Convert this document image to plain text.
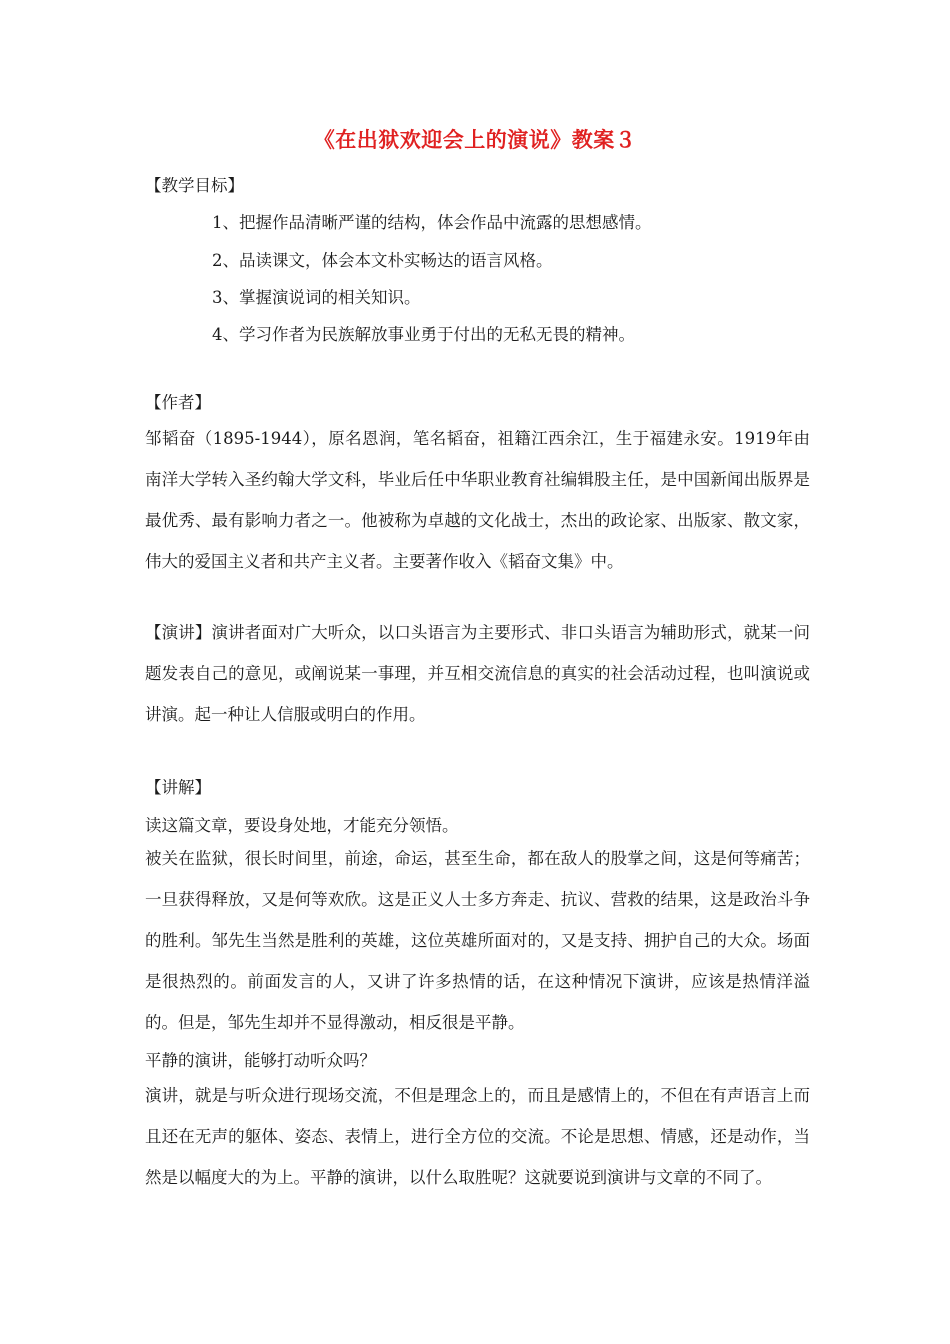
《在出狱欢迎会上的演说》教案３
【教学目标】
1、把握作品清晰严谨的结构，体会作品中流露的思想感情。
2、品读课文，体会本文朴实畅达的语言风格。
3、掌握演说词的相关知识。
4、学习作者为民族解放事业勇于付出的无私无畏的精神。
【作者】
邹韬奋（1895-1944），原名恩润，笔名韬奋，祖籍江西余江，生于福建永安。1919年由南洋大学转入圣约翰大学文科，毕业后任中华职业教育社编辑股主任，是中国新闻出版界是最优秀、最有影响力者之一。他被称为卓越的文化战士，杰出的政论家、出版家、散文家，伟大的爱国主义者和共产主义者。主要著作收入《韬奋文集》中。
【演讲】演讲者面对广大听众，以口头语言为主要形式、非口头语言为辅助形式，就某一问题发表自己的意见，或阐说某一事理，并互相交流信息的真实的社会活动过程，也叫演说或讲演。起一种让人信服或明白的作用。
【讲解】
读这篇文章，要设身处地，才能充分领悟。
被关在监狱，很长时间里，前途，命运，甚至生命，都在敌人的股掌之间，这是何等痛苦；一旦获得释放，又是何等欢欣。这是正义人士多方奔走、抗议、营救的结果，这是政治斗争的胜利。邹先生当然是胜利的英雄，这位英雄所面对的，又是支持、拥护自己的大众。场面是很热烈的。前面发言的人，又讲了许多热情的话，在这种情况下演讲，应该是热情洋溢的。但是，邹先生却并不显得激动，相反很是平静。
平静的演讲，能够打动听众吗？
演讲，就是与听众进行现场交流，不但是理念上的，而且是感情上的，不但在有声语言上而且还在无声的躯体、姿态、表情上，进行全方位的交流。不论是思想、情感，还是动作，当然是以幅度大的为上。平静的演讲，以什么取胜呢？这就要说到演讲与文章的不同了。
